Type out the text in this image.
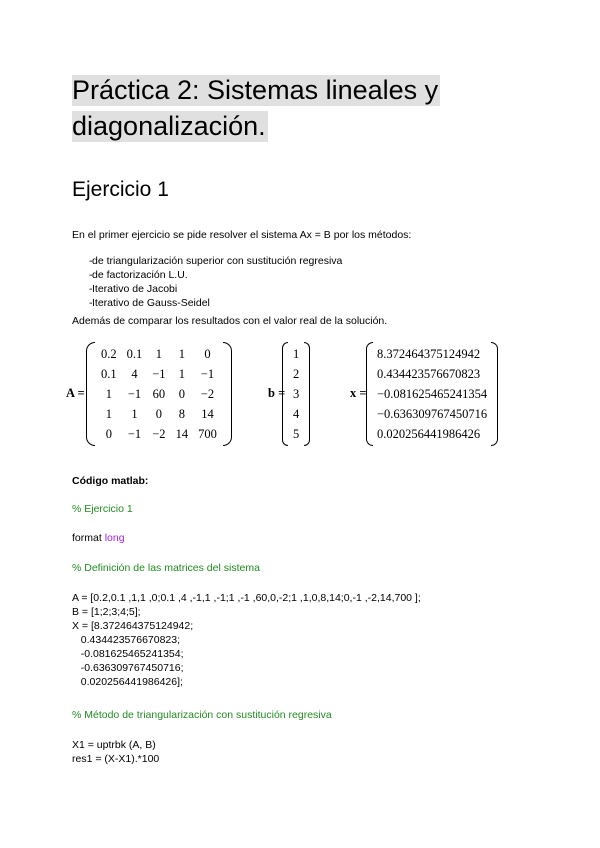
Práctica 2: Sistemas lineales y
diagonalización.
Ejercicio 1
En el primer ejercicio se pide resolver el sistema Ax = B por los métodos:
-de triangularización superior con sustitución regresiva
-de factorización L.U.
-Iterativo de Jacobi
-Iterativo de Gauss-Seidel
Además de comparar los resultados con el valor real de la solución.
A =
0.2	0.1	1	1	0
0.1	4	−1	1	−1
1	−1	60	0	−2
1	1	0	8	14
0	−1	−2	14	700
b =
1
2
3
4
5
x =
8.372464375124942
0.434423576670823
−0.081625465241354
−0.636309767450716
0.020256441986426
Código matlab:
% Ejercicio 1
format long
% Definición de las matrices del sistema
A = [0.2,0.1 ,1,1 ,0;0.1 ,4 ,-1,1 ,-1;1 ,-1 ,60,0,-2;1 ,1,0,8,14;0,-1 ,-2,14,700 ];
B = [1;2;3;4;5];
X = [8.372464375124942;
0.434423576670823;
-0.081625465241354;
-0.636309767450716;
0.020256441986426];
% Método de triangularización con sustitución regresiva
X1 = uptrbk (A, B)
res1 = (X-X1).*100
